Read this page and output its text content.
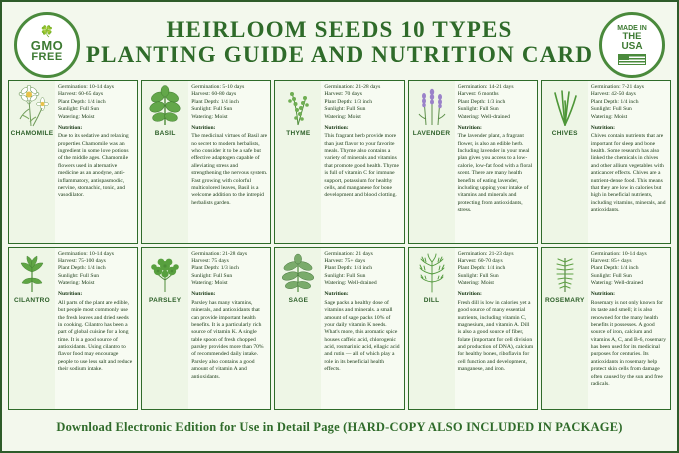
🍀
GMO
FREE
HEIRLOOM SEEDS 10 TYPES
PLANTING GUIDE AND NUTRITION CARD
MADE IN
THE
USA
CHAMOMILE
Germination: 10-14 days
Harvest: 60-65 days
Plant Depth: 1/4 inch
Sunlight: Full Sun
Watering: Moist

Nutrition:

Due to its sedative and relaxing properties Chamomile was an ingredient in some love potions of the middle ages. Chamomile flowers used in alternative medicine as an anodyne, anti-inflammatory, antispasmodic, nervine, stomachic, tonic, and vasodilator.

BASIL
Germination: 5-10 days
Harvest: 60-80 days
Plant Depth: 1/4 inch
Sunlight: Full Sun
Watering: Moist

Nutrition:

The medicinal virtues of Basil are no secret to modern herbalists, who consider it to be a safe but effective adaptogen capable of alleviating stress and strengthening the nervous system. Fast growing with colorful multicolored leaves, Basil is a welcome addition to the intrepid herbalists garden.

THYME
Germination: 21-28 days
Harvest: 70 days
Plant Depth: 1/3 inch
Sunlight: Full Sun
Watering: Moist

Nutrition:

This fragrant herb provide more than just flavor to your favorite meals. Thyme also contains a variety of minerals and vitamins that promote good health. Thyme is full of vitamin C for immune support, potassium for healthy cells, and manganese for bone development and blood clotting.

LAVENDER
Germination: 14-21 days
Harvest: 6 months
Plant Depth: 1/3 inch
Sunlight: Full Sun
Watering: Well-drained

Nutrition:

The lavender plant, a fragrant flower, is also an edible herb. Including lavender in your meal plan gives you access to a low-calorie, low-fat food with a floral scent. There are many health benefits of eating lavender, including upping your intake of vitamins and minerals and protecting from antioxidants, stress.

CHIVES
Germination: 7-21 days
Harvest: 42-50 days
Plant Depth: 1/4 inch
Sunlight: Full Sun
Watering: Moist

Nutrition:

Chives contain nutrients that are important for sleep and bone health. Some research has also linked the chemicals in chives and other allium vegetables with anticancer effects. Chives are a nutrient-dense food. This means that they are low in calories but high in beneficial nutrients, including vitamins, minerals, and antioxidants.

CILANTRO
Germination: 10-14 days
Harvest: 75-100 days
Plant Depth: 1/4 inch
Sunlight: Full Sun
Watering: Moist

Nutrition:

All parts of the plant are edible, but people most commonly use the fresh leaves and dried seeds in cooking. Cilantro has been a part of global cuisine for a long time. It is a good source of antioxidants. Using cilantro to flavor food may encourage people to use less salt and reduce their sodium intake.

PARSLEY
Germination: 21-28 days
Harvest: 75 days
Plant Depth: 1/3 inch
Sunlight: Full Sun
Watering: Moist

Nutrition:

Parsley has many vitamins, minerals, and antioxidants that can provide important health benefits. It is a particularly rich source of vitamin K. A single table spoon of fresh chopped parsley provides more than 70% of recommended daily intake. Parsley also contains a good amount of vitamin A and antioxidants.

SAGE
Germination: 21 days
Harvest: 75+ days
Plant Depth: 1/4 inch
Sunlight: Full Sun
Watering: Well-drained

Nutrition:

Sage packs a healthy dose of vitamins and minerals. a small amount of sage packs 10% of your daily vitamin K needs. What's more, this aromatic spice houses caffeic acid, chlorogenic acid, rosmarinic acid, ellagic acid and rutin — all of which play a role in its beneficial health effects.

DILL
Germination: 21-23 days
Harvest: 60-70 days
Plant Depth: 1/4 inch
Sunlight: Full Sun
Watering: Moist

Nutrition:

Fresh dill is low in calories yet a good source of many essential nutrients, including vitamin C, magnesium, and vitamin A. Dill is also a good source of fiber, folate (important for cell division and production of DNA), calcium for healthy bones, riboflavin for cell function and development, manganese, and iron.

ROSEMARY
Germination: 10-14 days
Harvest: 85+ days
Plant Depth: 1/4 inch
Sunlight: Full Sun
Watering: Well-drained

Nutrition:

Rosemary is not only known for its taste and smell; it is also renowned for the many health benefits it possesses. A good source of iron, calcium and vitamins A, C, and B-6, rosemary has been used for its medicinal purposes for centuries. Its antioxidants in rosemary help protect skin cells from damage often caused by the sun and free radicals.

Download Electronic Edition for Use in Detail Page (HARD-COPY ALSO INCLUDED IN PACKAGE)
